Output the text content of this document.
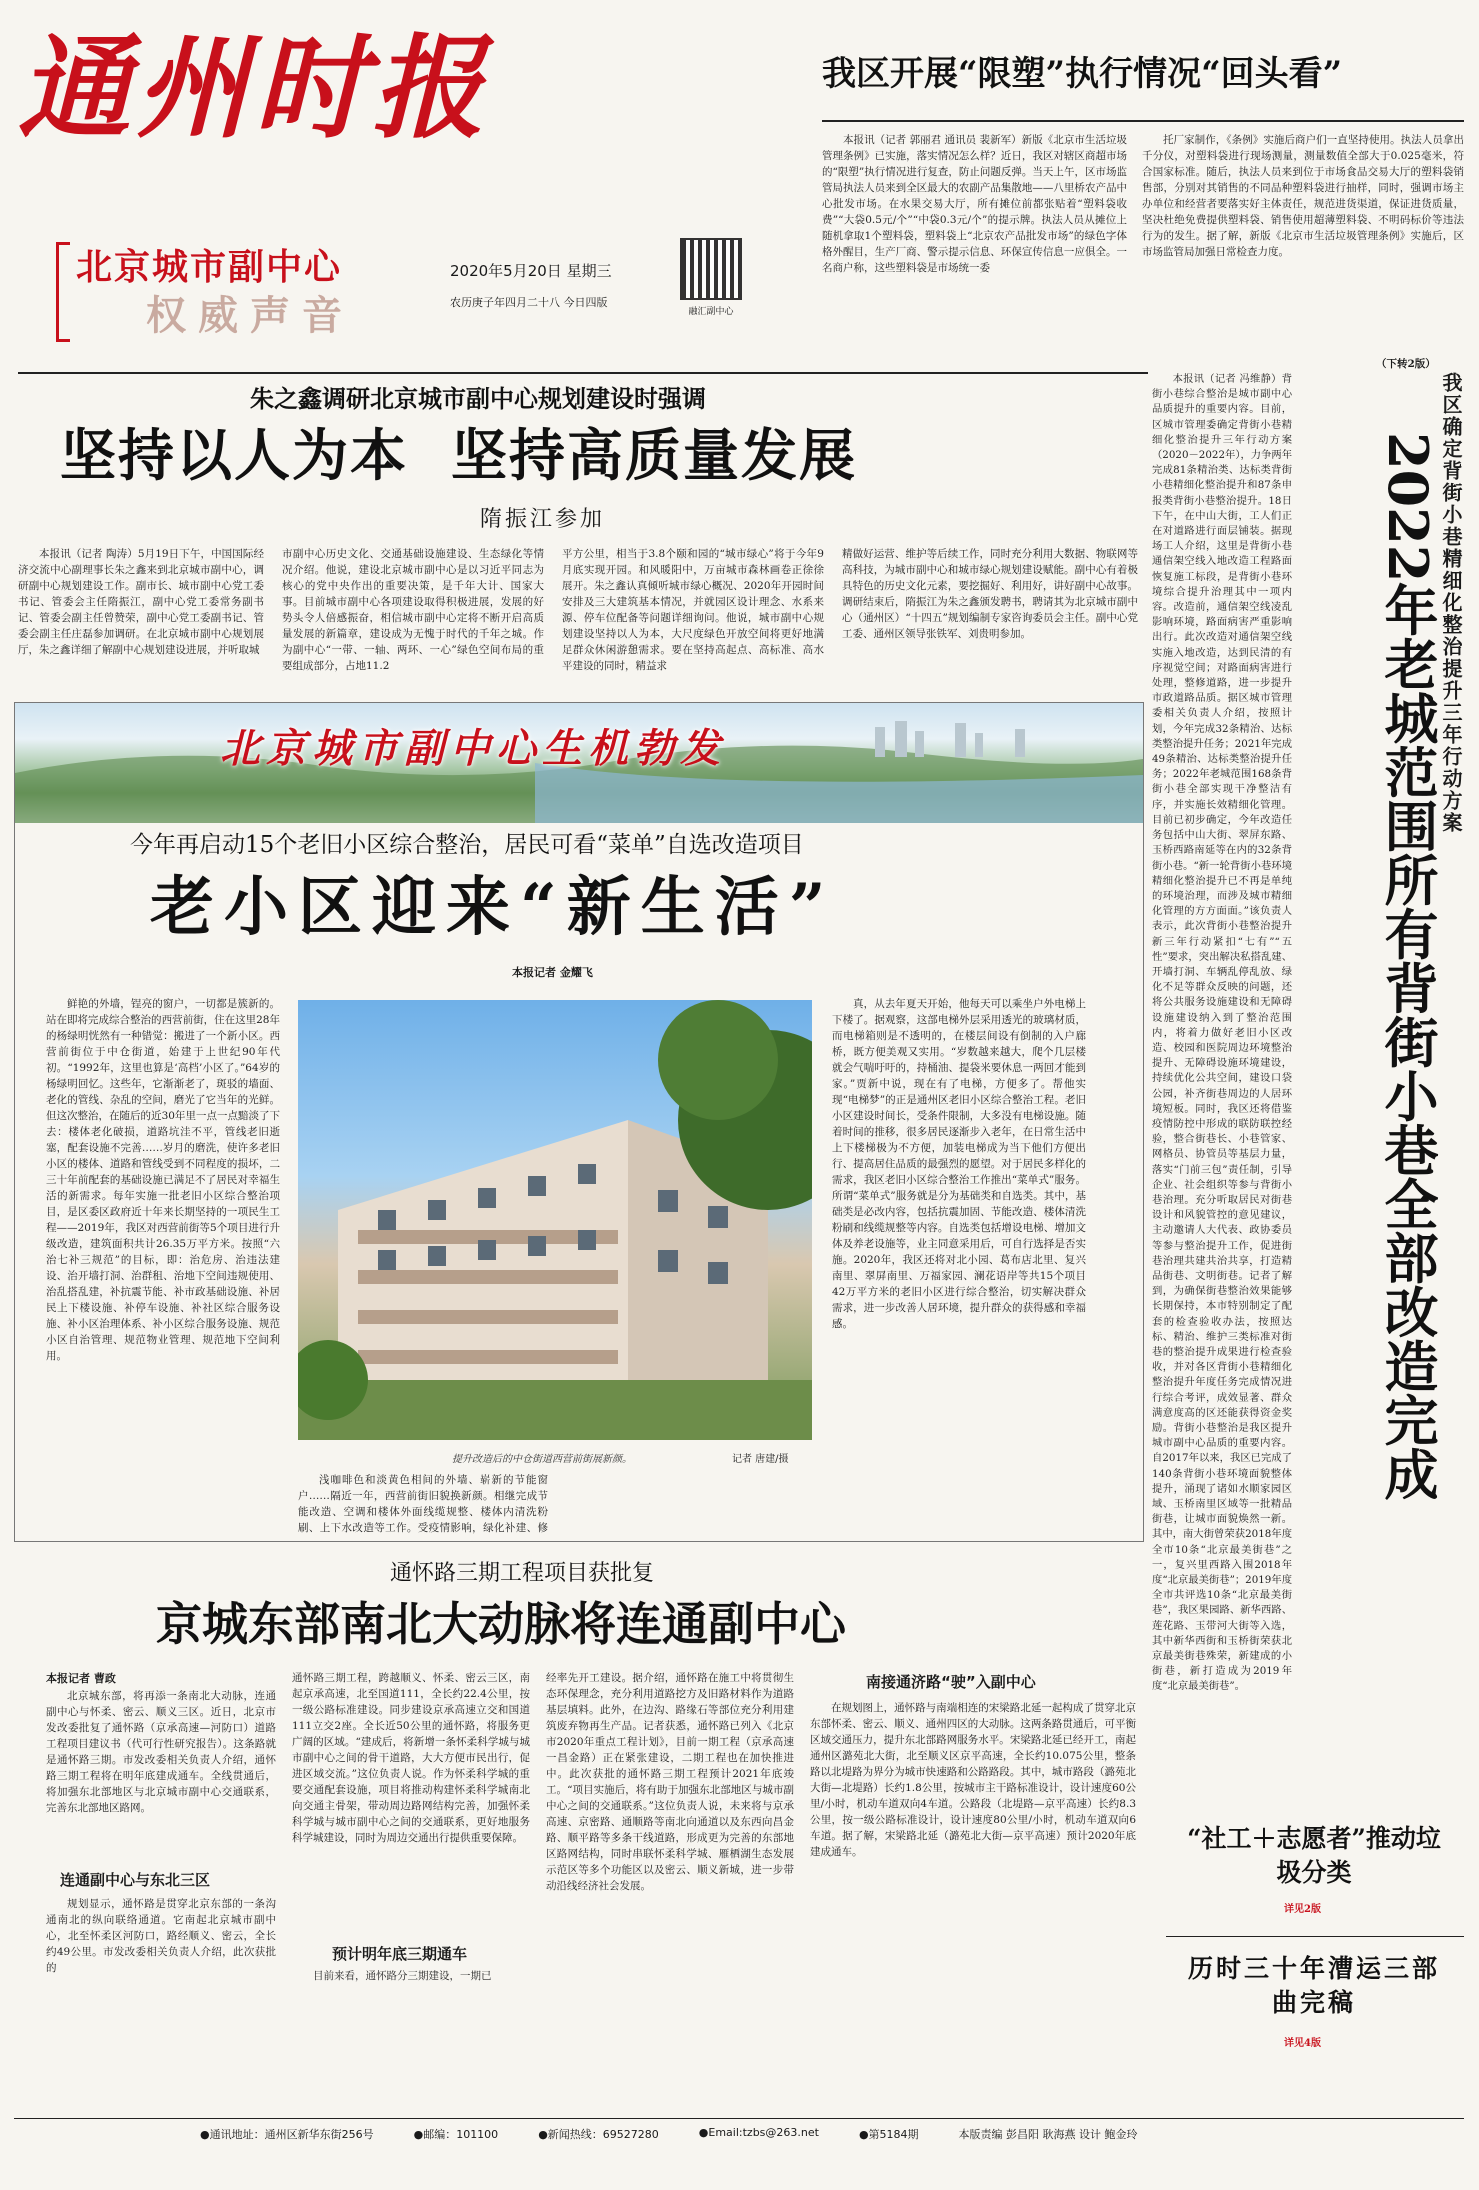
通州时报
北京城市副中心
权威声音
2020年5月20日 星期三
农历庚子年四月二十八 今日四版
融汇副中心
我区开展“限塑”执行情况“回头看”
本报讯（记者 郭丽君 通讯员 裴新军）新版《北京市生活垃圾管理条例》已实施，落实情况怎么样？近日，我区对辖区商超市场的“限塑”执行情况进行复查，防止问题反弹。当天上午，区市场监管局执法人员来到全区最大的农副产品集散地——八里桥农产品中心批发市场。在水果交易大厅，所有摊位前都张贴着“塑料袋收费”“大袋0.5元/个”“中袋0.3元/个”的提示牌。执法人员从摊位上随机拿取1个塑料袋，塑料袋上“北京农产品批发市场”的绿色字体格外醒目，生产厂商、警示提示信息、环保宣传信息一应俱全。一名商户称，这些塑料袋是市场统一委
托厂家制作，《条例》实施后商户们一直坚持使用。执法人员拿出千分仪，对塑料袋进行现场测量，测量数值全部大于0.025毫米，符合国家标准。随后，执法人员来到位于市场食品交易大厅的塑料袋销售部，分别对其销售的不同品种塑料袋进行抽样，同时，强调市场主办单位和经营者要落实好主体责任，规范进货渠道，保证进货质量，坚决杜绝免费提供塑料袋、销售使用超薄塑料袋、不明码标价等违法行为的发生。据了解，新版《北京市生活垃圾管理条例》实施后，区市场监管局加强日常检查力度。
（下转2版）
朱之鑫调研北京城市副中心规划建设时强调
坚持以人为本  坚持高质量发展
隋振江参加
本报讯（记者 陶涛）5月19日下午，中国国际经济交流中心副理事长朱之鑫来到北京城市副中心，调研副中心规划建设工作。副市长、城市副中心党工委书记、管委会主任隋振江，副中心党工委常务副书记、管委会副主任曾赞荣，副中心党工委副书记、管委会副主任庄磊参加调研。在北京城市副中心规划展厅，朱之鑫详细了解副中心规划建设进展，并听取城
市副中心历史文化、交通基础设施建设、生态绿化等情况介绍。他说，建设北京城市副中心是以习近平同志为核心的党中央作出的重要决策，是千年大计、国家大事。目前城市副中心各项建设取得积极进展，发展的好势头令人倍感振奋，相信城市副中心定将不断开启高质量发展的新篇章，建设成为无愧于时代的千年之城。作为副中心“一带、一轴、两环、一心”绿色空间布局的重要组成部分，占地11.2
平方公里，相当于3.8个颐和园的“城市绿心”将于今年9月底实现开园。和风暖阳中，万亩城市森林画卷正徐徐展开。朱之鑫认真倾听城市绿心概况、2020年开园时间安排及三大建筑基本情况，并就园区设计理念、水系来源、停车位配备等问题详细询问。他说，城市副中心规划建设坚持以人为本，大尺度绿色开放空间将更好地满足群众休闲游憩需求。要在坚持高起点、高标准、高水平建设的同时，精益求
精做好运营、维护等后续工作，同时充分利用大数据、物联网等高科技，为城市副中心和城市绿心规划建设赋能。副中心有着极具特色的历史文化元素，要挖掘好、利用好，讲好副中心故事。调研结束后，隋振江为朱之鑫颁发聘书，聘请其为北京城市副中心（通州区）“十四五”规划编制专家咨询委员会主任。副中心党工委、通州区领导张铁军、刘贵明参加。
本报讯（记者 冯维静）背街小巷综合整治是城市副中心品质提升的重要内容。目前，区城市管理委确定背街小巷精细化整治提升三年行动方案（2020－2022年），力争两年完成81条精治类、达标类背街小巷精细化整治提升和87条申报类背街小巷整治提升。18日下午，在中山大街，工人们正在对道路进行面层铺装。据现场工人介绍，这里是背街小巷通信架空线入地改造工程路面恢复施工标段，是背街小巷环境综合提升治理其中一项内容。改造前，通信架空线凌乱影响环境，路面病害严重影响出行。此次改造对通信架空线实施入地改造，达到民清的有序视觉空间；对路面病害进行处理，整修道路，进一步提升市政道路品质。据区城市管理委相关负责人介绍，按照计划，今年完成32条精治、达标类整治提升任务；2021年完成49条精治、达标类整治提升任务；2022年老城范围168条背街小巷全部实现干净整洁有序，并实施长效精细化管理。目前已初步确定，今年改造任务包括中山大街、翠屏东路、玉桥西路南延等在内的32条背街小巷。“新一轮背街小巷环境精细化整治提升已不再是单纯的环境治理，而涉及城市精细化管理的方方面面。”该负责人表示，此次背街小巷整治提升新三年行动紧扣“七有”“五性”要求，突出解决私搭乱建、开墙打洞、车辆乱停乱放、绿化不足等群众反映的问题，还将公共服务设施建设和无障碍设施建设纳入到了整治范围内，将着力做好老旧小区改造、校园和医院周边环境整治提升、无障碍设施环境建设，持续优化公共空间，建设口袋公园，补齐街巷周边的人居环境短板。同时，我区还将借鉴疫情防控中形成的联防联控经验，整合街巷长、小巷管家、网格员、协管员等基层力量，落实“门前三包”责任制，引导企业、社会组织等参与背街小巷治理。充分听取居民对街巷设计和风貌管控的意见建议，主动邀请人大代表、政协委员等参与整治提升工作，促进街巷治理共建共治共享，打造精品街巷、文明街巷。记者了解到，为确保街巷整治效果能够长期保持，本市特别制定了配套的检查验收办法，按照达标、精治、维护三类标准对街巷的整治提升成果进行检查验收，并对各区背街小巷精细化整治提升年度任务完成情况进行综合考评，成效显著、群众满意度高的区还能获得资金奖励。背街小巷整治是我区提升城市副中心品质的重要内容。自2017年以来，我区已完成了140条背街小巷环境面貌整体提升，涌现了诸如水顺家园区域、玉桥南里区域等一批精品街巷，让城市面貌焕然一新。其中，南大街曾荣获2018年度全市10条“北京最美街巷”之一，复兴里西路入围2018年度“北京最美街巷”；2019年度全市共评选10条“北京最美街巷”，我区果园路、新华西路、莲花路、玉带河大街等入选，其中新华西街和玉桥街荣获北京最美街巷殊荣，新建成的小街巷，新打造成为2019年度“北京最美街巷”。
2022年老城范围所有背街小巷全部改造完成 我区确定背街小巷精细化整治提升三年行动方案
北京城市副中心生机勃发
今年再启动15个老旧小区综合整治，居民可看“菜单”自选改造项目
老小区迎来“新生活”
本报记者 金耀飞
鲜艳的外墙，锃亮的窗户，一切都是簇新的。站在即将完成综合整治的西营前街，住在这里28年的杨绿明恍然有一种错觉：搬进了一个新小区。西营前街位于中仓街道，始建于上世纪90年代初。“1992年，这里也算是‘高档’小区了。”64岁的杨绿明回忆。这些年，它渐渐老了，斑驳的墙面、老化的管线、杂乱的空间，磨光了它当年的光鲜。但这次整治，在随后的近30年里一点一点黯淡了下去：楼体老化破损，道路坑洼不平，管线老旧逝塞，配套设施不完善……岁月的磨洗，使许多老旧小区的楼体、道路和管线受到不同程度的损坏，二三十年前配套的基础设施已满足不了居民对幸福生活的新需求。每年实施一批老旧小区综合整治项目，是区委区政府近十年来长期坚持的一项民生工程——2019年，我区对西营前街等5个项目进行升级改造，建筑面积共计26.35万平方米。按照“六治七补三规范”的目标，即：治危房、治违法建设、治开墙打洞、治群租、治地下空间违规使用、治乱搭乱建，补抗震节能、补市政基础设施、补居民上下楼设施、补停车设施、补社区综合服务设施、补小区治理体系、补小区综合服务设施、规范小区自治管理、规范物业管理、规范地下空间利用。
提升改造后的中仓街道西营前街展新颜。	记者 唐建/摄
浅咖啡色和淡黄色相间的外墙、崭新的节能窗户……隔近一年，西营前街旧貌换新颜。相继完成节能改造、空调和楼体外面线缆规整、楼体内清洗粉刷、上下水改造等工作。受疫情影响，绿化补建、修
真，从去年夏天开始，他每天可以乘坐户外电梯上下楼了。据观察，这部电梯外层采用透光的玻璃材质，而电梯箱则是不透明的，在楼层间设有倒制的入户廊桥，既方便美观又实用。“岁数越来越大，爬个几层楼就会气喘吁吁的，持桶油、提袋米要休息一两回才能到家。”贾新中说，现在有了电梯，方便多了。帮他实现“电梯梦”的正是通州区老旧小区综合整治工程。老旧小区建设时间长，受条件限制，大多没有电梯设施。随着时间的推移，很多居民逐渐步入老年，在日常生活中上下楼梯极为不方便，加装电梯成为当下他们方便出行、提高居住品质的最强烈的愿望。对于居民多样化的需求，我区老旧小区综合整治工作推出“菜单式”服务。所谓“菜单式”服务就是分为基础类和自选类。其中，基础类是必改内容，包括抗震加固、节能改造、楼体清洗粉刷和线缆规整等内容。自选类包括增设电梯、增加文体及养老设施等，业主同意采用后，可自行选择是否实施。2020年，我区还将对北小园、葛布店北里、复兴南里、翠屏南里、万福家园、澜花语岸等共15个项目42万平方米的老旧小区进行综合整治，切实解决群众需求，进一步改善人居环境，提升群众的获得感和幸福感。
通怀路三期工程项目获批复
京城东部南北大动脉将连通副中心
本报记者 曹政
北京城东部，将再添一条南北大动脉，连通副中心与怀柔、密云、顺义三区。近日，北京市发改委批复了通怀路（京承高速—河防口）道路工程项目建议书（代可行性研究报告）。这条路就是通怀路三期。市发改委相关负责人介绍，通怀路三期工程将在明年底建成通车。全线贯通后，将加强东北部地区与北京城市副中心交通联系，完善东北部地区路网。
连通副中心与东北三区
规划显示，通怀路是贯穿北京东部的一条沟通南北的纵向联络通道。它南起北京城市副中心，北至怀柔区河防口，路经顺义、密云，全长约49公里。市发改委相关负责人介绍，此次获批的
通怀路三期工程，跨越顺义、怀柔、密云三区，南起京承高速，北至国道111，全长约22.4公里，按一级公路标准建设。同步建设京承高速立交和国道111立交2座。全长近50公里的通怀路，将服务更广阔的区域。“建成后，将新增一条怀柔科学城与城市副中心之间的骨干道路，大大方便市民出行，促进区域交流。”这位负责人说。作为怀柔科学城的重要交通配套设施，项目将推动构建怀柔科学城南北向交通主骨架，带动周边路网结构完善，加强怀柔科学城与城市副中心之间的交通联系，更好地服务科学城建设，同时为周边交通出行提供重要保障。
预计明年底三期通车
目前来看，通怀路分三期建设，一期已
经率先开工建设。据介绍，通怀路在施工中将贯彻生态环保理念，充分利用道路挖方及旧路材料作为道路基层填料。此外，在边沟、路缘石等部位充分利用建筑废弃物再生产品。记者获悉，通怀路已列入《北京市2020年重点工程计划》，目前一期工程（京承高速一昌金路）正在紧张建设，二期工程也在加快推进中。此次获批的通怀路三期工程预计2021年底竣工。“项目实施后，将有助于加强东北部地区与城市副中心之间的交通联系。”这位负责人说，未来将与京承高速、京密路、通顺路等南北向通道以及东西向昌金路、顺平路等多条干线道路，形成更为完善的东部地区路网结构，同时串联怀柔科学城、雁栖湖生态发展示范区等多个功能区以及密云、顺义新城，进一步带动沿线经济社会发展。
南接通济路“驶”入副中心
在规划图上，通怀路与南端相连的宋梁路北延一起构成了贯穿北京东部怀柔、密云、顺义、通州四区的大动脉。这两条路贯通后，可平衡区域交通压力，提升东北部路网服务水平。宋梁路北延已经开工，南起通州区潞苑北大街，北至顺义区京平高速，全长约10.075公里，整条路以北堤路为界分为城市快速路和公路路段。其中，城市路段（潞苑北大街—北堤路）长约1.8公里，按城市主干路标准设计，设计速度60公里/小时，机动车道双向4车道。公路段（北堤路—京平高速）长约8.3公里，按一级公路标准设计，设计速度80公里/小时，机动车道双向6车道。据了解，宋梁路北延（潞苑北大街—京平高速）预计2020年底建成通车。	“社工＋志愿者”推动垃圾分类
详见2版
历时三十年漕运三部曲完稿
详见4版
●通讯地址：通州区新华东街256号	●邮编：101100	●新闻热线：69527280	●Email:tzbs@263.net	●第5184期	本版责编 彭昌阳 耿海燕 设计 鲍金玲
